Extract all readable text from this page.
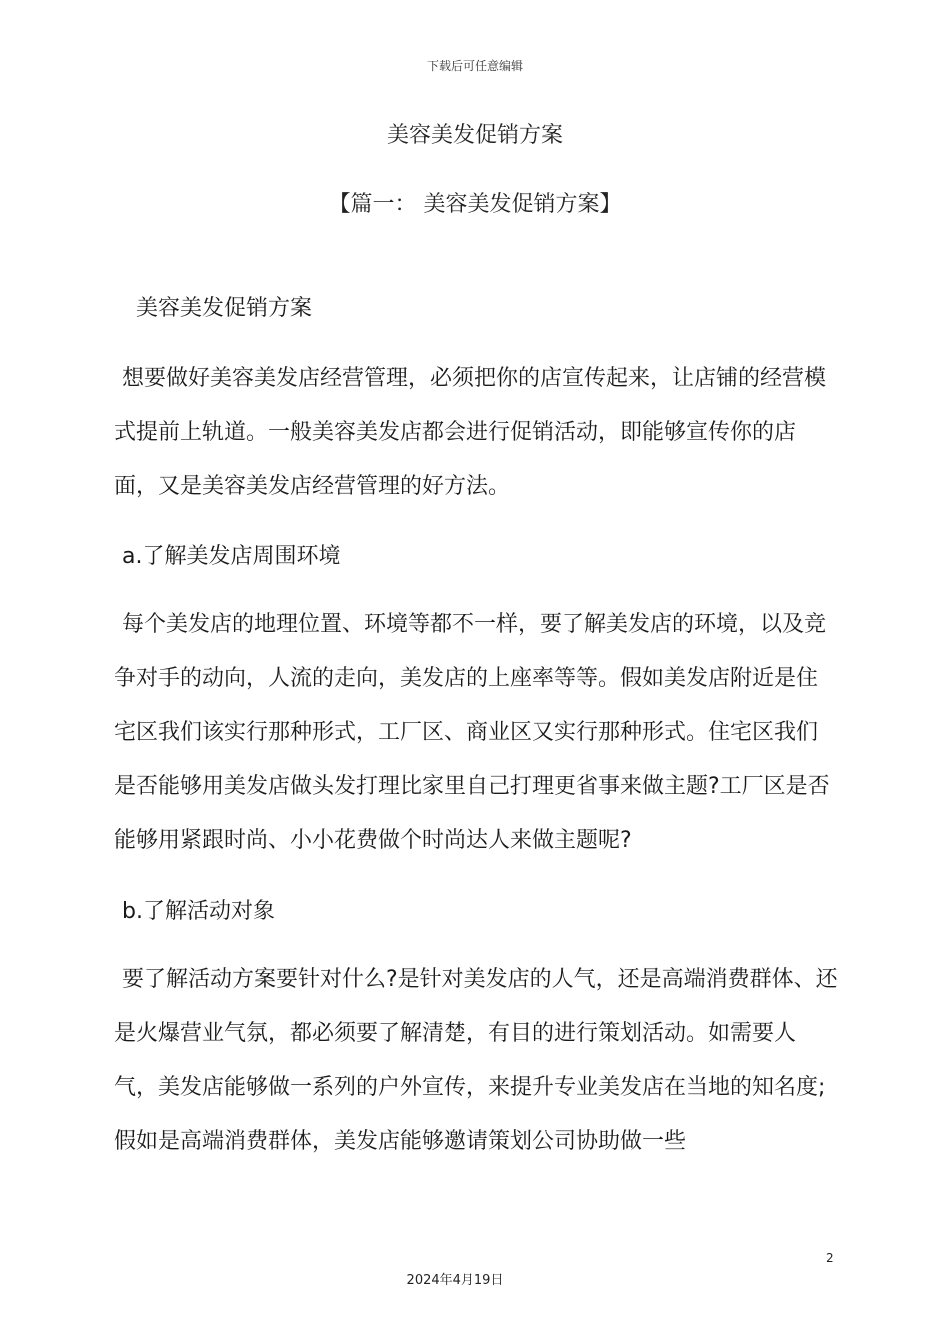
下载后可任意编辑
美容美发促销方案
【篇一： 美容美发促销方案】

美容美发促销方案

想要做好美容美发店经营管理，必须把你的店宣传起来，让店铺的经营模式提前上轨道。一般美容美发店都会进行促销活动，即能够宣传你的店面，又是美容美发店经营管理的好方法。

a.了解美发店周围环境

每个美发店的地理位置、环境等都不一样，要了解美发店的环境，以及竞争对手的动向，人流的走向，美发店的上座率等等。假如美发店附近是住宅区我们该实行那种形式，工厂区、商业区又实行那种形式。住宅区我们是否能够用美发店做头发打理比家里自己打理更省事来做主题?工厂区是否能够用紧跟时尚、小小花费做个时尚达人来做主题呢?

b.了解活动对象

要了解活动方案要针对什么?是针对美发店的人气，还是高端消费群体、还是火爆营业气氛，都必须要了解清楚，有目的进行策划活动。如需要人气，美发店能够做一系列的户外宣传，来提升专业美发店在当地的知名度;假如是高端消费群体，美发店能够邀请策划公司协助做一些

2
2024年4月19日
